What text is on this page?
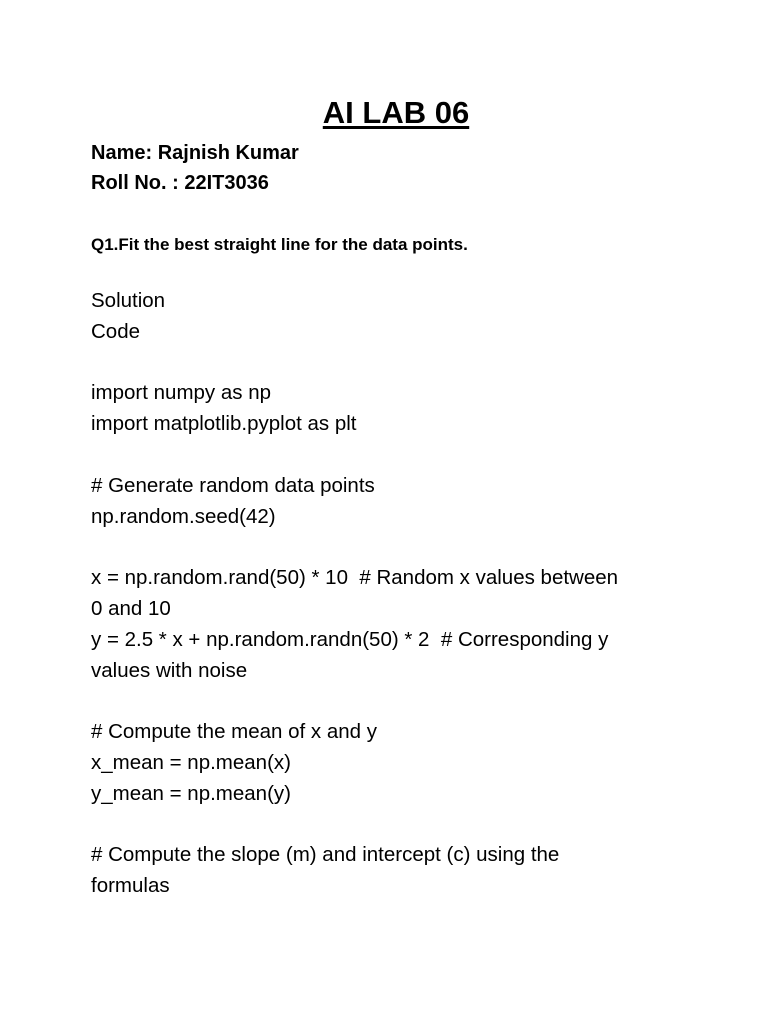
AI LAB 06
Name: Rajnish Kumar
Roll No. : 22IT3036
Q1.Fit the best straight line for the data points.
Solution
Code
import numpy as np
import matplotlib.pyplot as plt
# Generate random data points
np.random.seed(42)
x = np.random.rand(50) * 10  # Random x values between
0 and 10
y = 2.5 * x + np.random.randn(50) * 2  # Corresponding y
values with noise
# Compute the mean of x and y
x_mean = np.mean(x)
y_mean = np.mean(y)
# Compute the slope (m) and intercept (c) using the
formulas
